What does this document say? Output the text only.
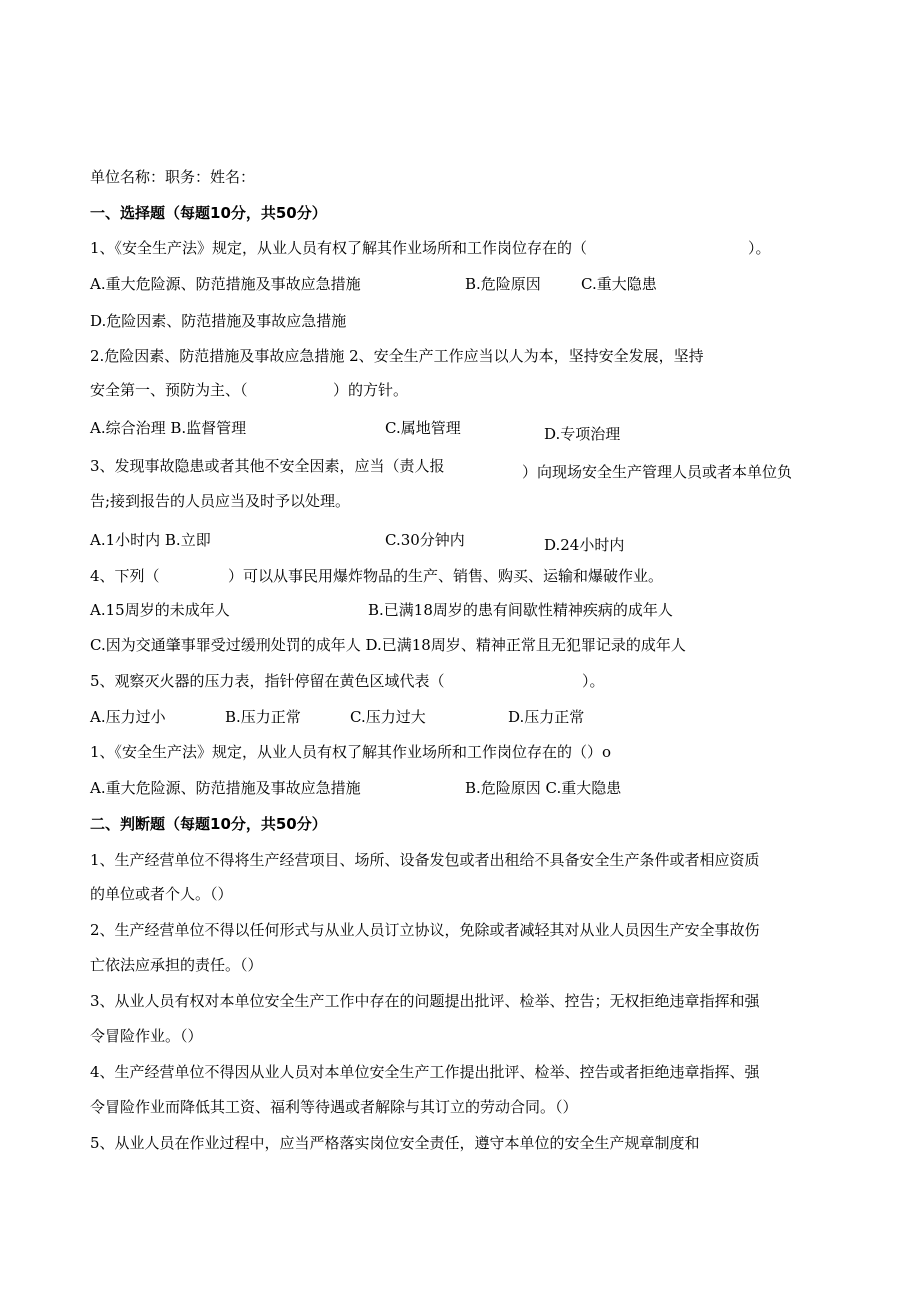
单位名称：职务：姓名：
一、选择题（每题10分，共50分）
1、《安全生产法》规定，从业人员有权了解其作业场所和工作岗位存在的（	）。
A.重大危险源、防范措施及事故应急措施	B.危险原因	C.重大隐患
D.危险因素、防范措施及事故应急措施
2.危险因素、防范措施及事故应急措施 2、安全生产工作应当以人为本，坚持安全发展，坚持
安全第一、预防为主、（	）的方针。
A.综合治理 B.监督管理	C.属地管理	D.专项治理
3、发现事故隐患或者其他不安全因素，应当（责人报	）向现场安全生产管理人员或者本单位负
告;接到报告的人员应当及时予以处理。
A.1小时内 B.立即	C.30分钟内	D.24小时内
4、下列（	）可以从事民用爆炸物品的生产、销售、购买、运输和爆破作业。
A.15周岁的未成年人	B.已满18周岁的患有间歇性精神疾病的成年人
C.因为交通肇事罪受过缓刑处罚的成年人 D.已满18周岁、精神正常且无犯罪记录的成年人
5、观察灭火器的压力表，指针停留在黄色区域代表（	）。
A.压力过小	B.压力正常	C.压力过大	D.压力正常
1、《安全生产法》规定，从业人员有权了解其作业场所和工作岗位存在的（）o
A.重大危险源、防范措施及事故应急措施	B.危险原因 C.重大隐患
二、判断题（每题10分，共50分）
1、生产经营单位不得将生产经营项目、场所、设备发包或者出租给不具备安全生产条件或者相应资质
的单位或者个人。（）
2、生产经营单位不得以任何形式与从业人员订立协议，免除或者减轻其对从业人员因生产安全事故伤
亡依法应承担的责任。（）
3、从业人员有权对本单位安全生产工作中存在的问题提出批评、检举、控告；无权拒绝违章指挥和强
令冒险作业。（）
4、生产经营单位不得因从业人员对本单位安全生产工作提出批评、检举、控告或者拒绝违章指挥、强
令冒险作业而降低其工资、福利等待遇或者解除与其订立的劳动合同。（）
5、从业人员在作业过程中，应当严格落实岗位安全责任，遵守本单位的安全生产规章制度和
